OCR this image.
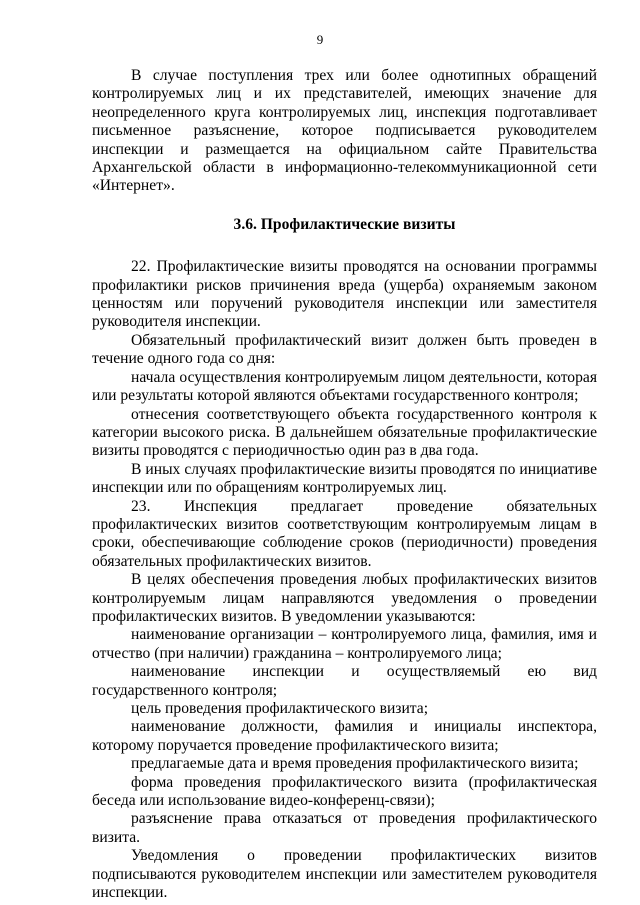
9

В случае поступления трех или более однотипных обращений контролируемых лиц и их представителей, имеющих значение для неопределенного круга контролируемых лиц, инспекция подготавливает письменное разъяснение, которое подписывается руководителем инспекции и размещается на официальном сайте Правительства Архангельской области в информационно-телекоммуникационной сети «Интернет».

3.6. Профилактические визиты

22. Профилактические визиты проводятся на основании программы профилактики рисков причинения вреда (ущерба) охраняемым законом ценностям или поручений руководителя инспекции или заместителя руководителя инспекции.

Обязательный профилактический визит должен быть проведен в течение одного года со дня:

начала осуществления контролируемым лицом деятельности, которая или результаты которой являются объектами государственного контроля;

отнесения соответствующего объекта государственного контроля к категории высокого риска. В дальнейшем обязательные профилактические визиты проводятся с периодичностью один раз в два года.

В иных случаях профилактические визиты проводятся по инициативе инспекции или по обращениям контролируемых лиц.

23. Инспекция предлагает проведение обязательных профилактических визитов соответствующим контролируемым лицам в сроки, обеспечивающие соблюдение сроков (периодичности) проведения обязательных профилактических визитов.

В целях обеспечения проведения любых профилактических визитов контролируемым лицам направляются уведомления о проведении профилактических визитов. В уведомлении указываются:

наименование организации – контролируемого лица, фамилия, имя и отчество (при наличии) гражданина – контролируемого лица;

наименование инспекции и осуществляемый ею вид государственного контроля;

цель проведения профилактического визита;

наименование должности, фамилия и инициалы инспектора, которому поручается проведение профилактического визита;

предлагаемые дата и время проведения профилактического визита;

форма проведения профилактического визита (профилактическая беседа или использование видео-конференц-связи);

разъяснение права отказаться от проведения профилактического визита.

Уведомления о проведении профилактических визитов подписываются руководителем инспекции или заместителем руководителя инспекции.
